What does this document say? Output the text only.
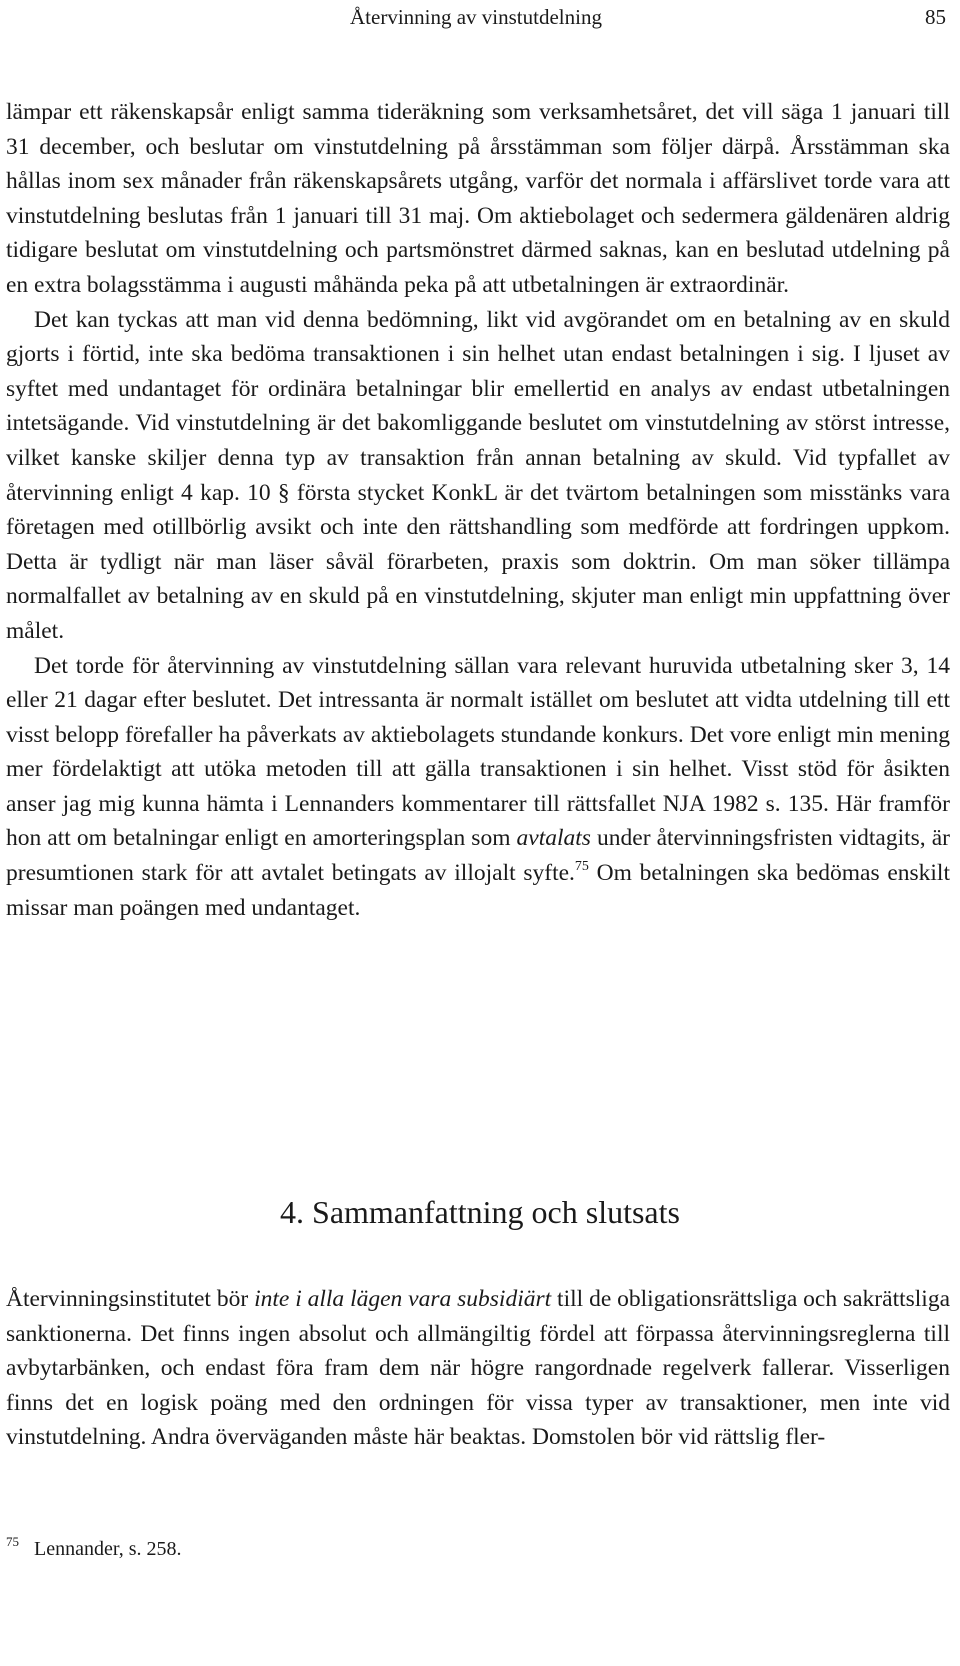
Återvinning av vinstutdelning	85

lämpar ett räkenskapsår enligt samma tideräkning som verksamhetsåret, det vill säga 1 januari till 31 december, och beslutar om vinstutdelning på årsstämman som följer därpå. Årsstämman ska hållas inom sex månader från räkenskapsårets utgång, varför det normala i affärslivet torde vara att vinstutdelning beslutas från 1 januari till 31 maj. Om aktiebolaget och sedermera gäldenären aldrig tidigare beslutat om vinstutdelning och partsmönstret därmed saknas, kan en beslutad utdelning på en extra bolagsstämma i augusti måhända peka på att utbetalningen är extraordinär.

Det kan tyckas att man vid denna bedömning, likt vid avgörandet om en betalning av en skuld gjorts i förtid, inte ska bedöma transaktionen i sin helhet utan endast betalningen i sig. I ljuset av syftet med undantaget för ordinära betalningar blir emellertid en analys av endast utbetalningen intetsägande. Vid vinstutdelning är det bakomliggande beslutet om vinstutdelning av störst intresse, vilket kanske skiljer denna typ av transaktion från annan betalning av skuld. Vid typfallet av återvinning enligt 4 kap. 10 § första stycket KonkL är det tvärtom betalningen som misstänks vara företagen med otillbörlig avsikt och inte den rättshandling som medförde att fordringen uppkom. Detta är tydligt när man läser såväl förarbeten, praxis som doktrin. Om man söker tillämpa normalfallet av betalning av en skuld på en vinstutdelning, skjuter man enligt min uppfattning över målet.

Det torde för återvinning av vinstutdelning sällan vara relevant huruvida utbetalning sker 3, 14 eller 21 dagar efter beslutet. Det intressanta är normalt istället om beslutet att vidta utdelning till ett visst belopp förefaller ha påverkats av aktiebolagets stundande konkurs. Det vore enligt min mening mer fördelaktigt att utöka metoden till att gälla transaktionen i sin helhet. Visst stöd för åsikten anser jag mig kunna hämta i Lennanders kommentarer till rättsfallet NJA 1982 s. 135. Här framför hon att om betalningar enligt en amorteringsplan som avtalats under återvinningsfristen vidtagits, är presumtionen stark för att avtalet betingats av illojalt syfte.$^{75}$ Om betalningen ska bedömas enskilt missar man poängen med undantaget.

4. Sammanfattning och slutsats

Återvinningsinstitutet bör inte i alla lägen vara subsidiärt till de obligationsrättsliga och sakrättsliga sanktionerna. Det finns ingen absolut och allmängiltig fördel att förpassa återvinningsreglerna till avbytarbänken, och endast föra fram dem när högre rangordnade regelverk fallerar. Visserligen finns det en logisk poäng med den ordningen för vissa typer av transaktioner, men inte vid vinstutdelning. Andra överväganden måste här beaktas. Domstolen bör vid rättslig fler-

75 Lennander, s. 258.
